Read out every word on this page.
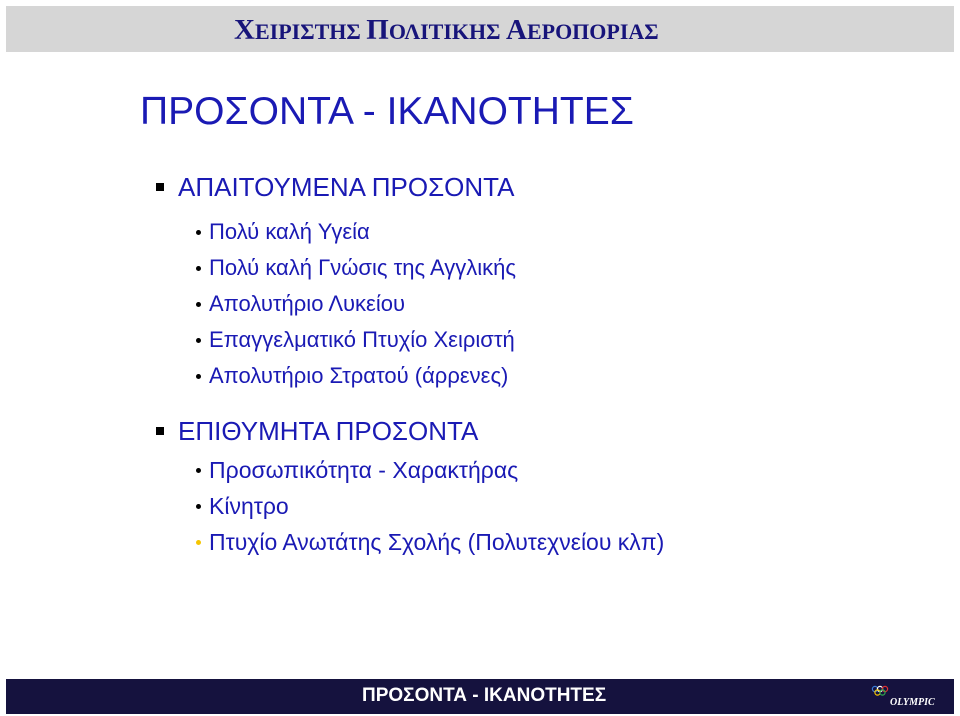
ΧΕΙΡΙΣΤΗΣ ΠΟΛΙΤΙΚΗΣ ΑΕΡΟΠΟΡΙΑΣ
ΠΡΟΣΟΝΤΑ - ΙΚΑΝΟΤΗΤΕΣ
ΑΠΑΙΤΟΥΜΕΝΑ ΠΡΟΣΟΝΤΑ
Πολύ καλή Υγεία
Πολύ καλή Γνώσις της Αγγλικής
Απολυτήριο Λυκείου
Επαγγελματικό Πτυχίο Χειριστή
Απολυτήριο Στρατού (άρρενες)
ΕΠΙΘΥΜΗΤΑ ΠΡΟΣΟΝΤΑ
Προσωπικότητα - Χαρακτήρας
Κίνητρο
Πτυχίο Ανωτάτης Σχολής (Πολυτεχνείου κλπ)
ΠΡΟΣΟΝΤΑ - ΙΚΑΝΟΤΗΤΕΣ	OLYMPIC
